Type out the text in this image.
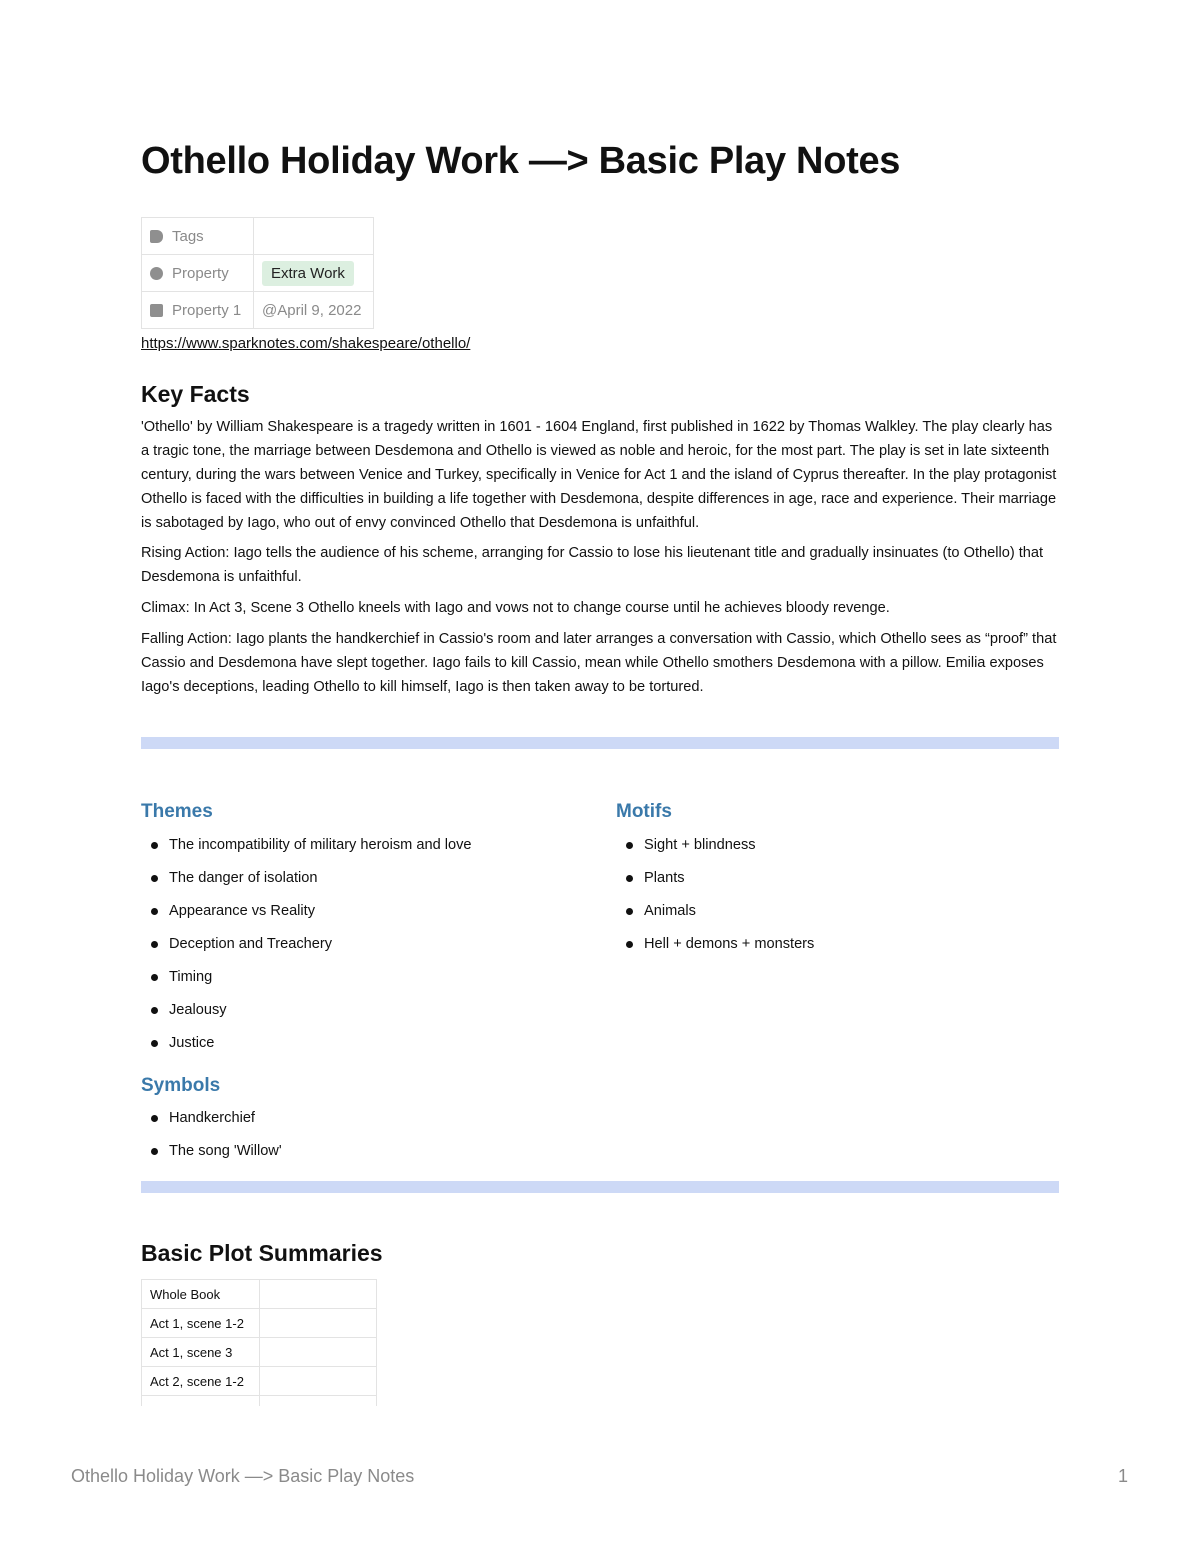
Othello Holiday Work —> Basic Play Notes
Tags	
Property	Extra Work
Property 1	@April 9, 2022
https://www.sparknotes.com/shakespeare/othello/
Key Facts

'Othello' by William Shakespeare is a tragedy written in 1601 - 1604 England, first published in 1622 by Thomas Walkley. The play clearly has a tragic tone, the marriage between Desdemona and Othello is viewed as noble and heroic, for the most part. The play is set in late sixteenth century, during the wars between Venice and Turkey, specifically in Venice for Act 1 and the island of Cyprus thereafter. In the play protagonist Othello is faced with the difficulties in building a life together with Desdemona, despite differences in age, race and experience. Their marriage is sabotaged by Iago, who out of envy convinced Othello that Desdemona is unfaithful.

Rising Action: Iago tells the audience of his scheme, arranging for Cassio to lose his lieutenant title and gradually insinuates (to Othello) that Desdemona is unfaithful.

Climax: In Act 3, Scene 3 Othello kneels with Iago and vows not to change course until he achieves bloody revenge.

Falling Action: Iago plants the handkerchief in Cassio's room and later arranges a conversation with Cassio, which Othello sees as “proof” that Cassio and Desdemona have slept together. Iago fails to kill Cassio, mean while Othello smothers Desdemona with a pillow. Emilia exposes Iago's deceptions, leading Othello to kill himself, Iago is then taken away to be tortured.

Themes
The incompatibility of military heroism and love
The danger of isolation
Appearance vs Reality
Deception and Treachery
Timing
Jealousy
Justice
Motifs
Sight + blindness
Plants
Animals
Hell + demons + monsters
Symbols
Handkerchief
The song 'Willow'
Basic Plot Summaries
Whole Book	
Act 1, scene 1-2	
Act 1, scene 3	
Act 2, scene 1-2	

Othello Holiday Work —> Basic Play Notes	1
